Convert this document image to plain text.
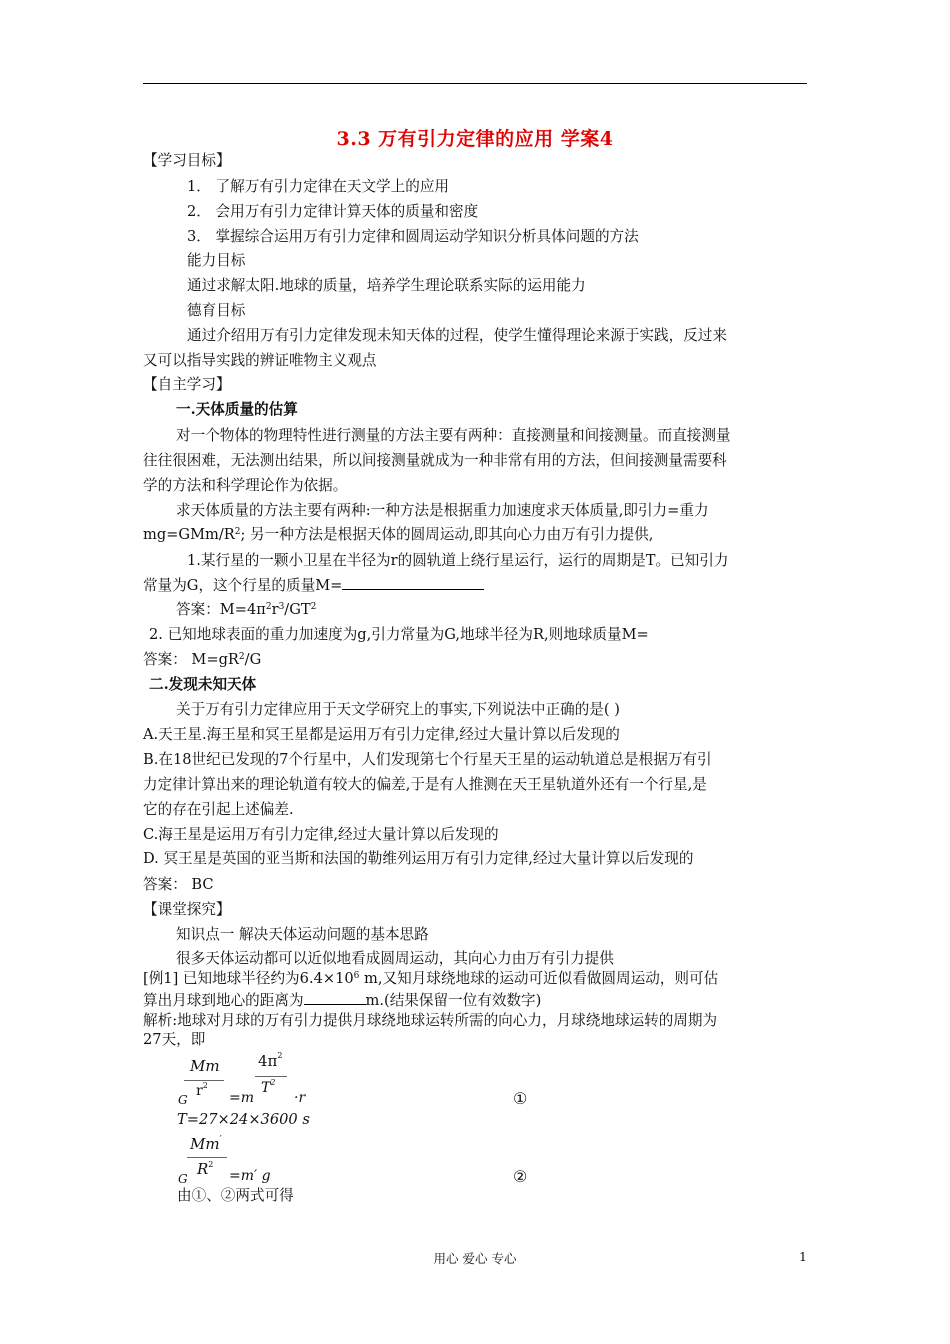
3.3 万有引力定律的应用 学案4
【学习目标】
1． 了解万有引力定律在天文学上的应用
2． 会用万有引力定律计算天体的质量和密度
3． 掌握综合运用万有引力定律和圆周运动学知识分析具体问题的方法
能力目标
通过求解太阳.地球的质量，培养学生理论联系实际的运用能力
德育目标
通过介绍用万有引力定律发现未知天体的过程，使学生懂得理论来源于实践，反过来
又可以指导实践的辨证唯物主义观点
【自主学习】
一.天体质量的估算
对一个物体的物理特性进行测量的方法主要有两种：直接测量和间接测量。而直接测量
往往很困难，无法测出结果，所以间接测量就成为一种非常有用的方法，但间接测量需要科
学的方法和科学理论作为依据。
求天体质量的方法主要有两种:一种方法是根据重力加速度求天体质量,即引力=重力
$mg=GMm/R^2$; 另一种方法是根据天体的圆周运动,即其向心力由万有引力提供,
1.某行星的一颗小卫星在半径为r的圆轨道上绕行星运行，运行的周期是T。已知引力
常量为G，这个行星的质量M=
答案：$M=4\pi^2r^3/GT^2$
2. 已知地球表面的重力加速度为g,引力常量为G,地球半径为R,则地球质量M=
答案： $M=gR^2/G$
二.发现未知天体
关于万有引力定律应用于天文学研究上的事实,下列说法中正确的是( )
A.天王星.海王星和冥王星都是运用万有引力定律,经过大量计算以后发现的
B.在18世纪已发现的7个行星中，人们发现第七个行星天王星的运动轨道总是根据万有引
力定律计算出来的理论轨道有较大的偏差,于是有人推测在天王星轨道外还有一个行星,是
它的存在引起上述偏差.
C.海王星是运用万有引力定律,经过大量计算以后发现的
D. 冥王星是英国的亚当斯和法国的勒维列运用万有引力定律,经过大量计算以后发现的
答案： BC
【课堂探究】
知识点一 解决天体运动问题的基本思路
很多天体运动都可以近似地看成圆周运动，其向心力由万有引力提供
[例1] 已知地球半径约为$6.4\times 10^6$ m,又知月球绕地球的运动可近似看做圆周运动，则可估
算出月球到地心的距离为	m.(结果保留一位有效数字)
解析:地球对月球的万有引力提供月球绕地球运转所需的向心力，月球绕地球运转的周期为
27天，即
Mm
$r^2$
G	=m
$4\pi^2$
$T^2$
·r	①
T=27×24×3600 s
Mm′
$R^2$
G	=m′ g	②
由①、②两式可得
用心 爱心 专心	1
